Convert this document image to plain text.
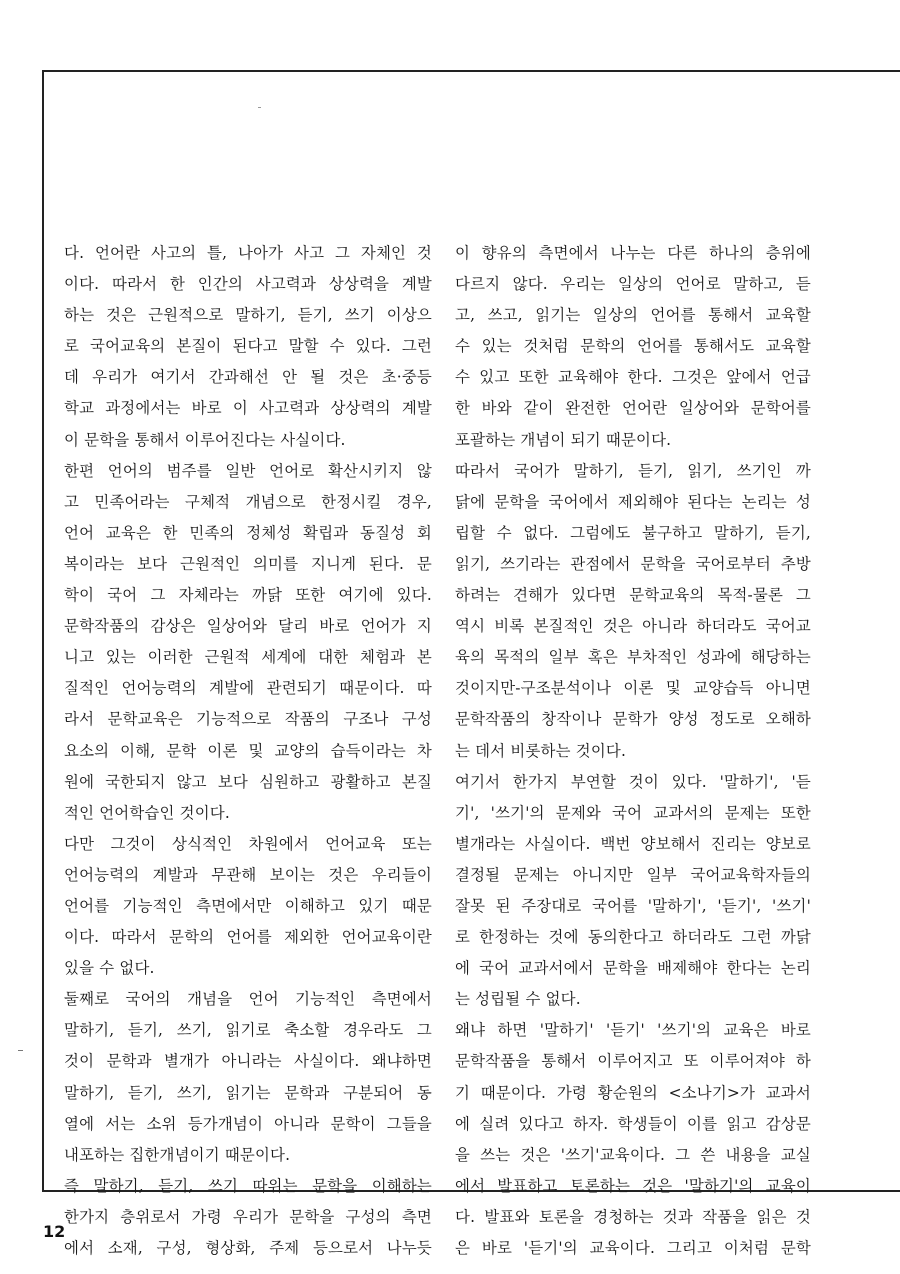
다. 언어란 사고의 틀, 나아가 사고 그 자체인 것
이다. 따라서 한 인간의 사고력과 상상력을 계발
하는 것은 근원적으로 말하기, 듣기, 쓰기 이상으
로 국어교육의 본질이 된다고 말할 수 있다. 그런
데 우리가 여기서 간과해선 안 될 것은 초·중등
학교 과정에서는 바로 이 사고력과 상상력의 계발
이 문학을 통해서 이루어진다는 사실이다.
한편 언어의 범주를 일반 언어로 확산시키지 않
고 민족어라는 구체적 개념으로 한정시킬 경우,
언어 교육은 한 민족의 정체성 확립과 동질성 회
복이라는 보다 근원적인 의미를 지니게 된다. 문
학이 국어 그 자체라는 까닭 또한 여기에 있다.
문학작품의 감상은 일상어와 달리 바로 언어가 지
니고 있는 이러한 근원적 세계에 대한 체험과 본
질적인 언어능력의 계발에 관련되기 때문이다. 따
라서 문학교육은 기능적으로 작품의 구조나 구성
요소의 이해, 문학 이론 및 교양의 습득이라는 차
원에 국한되지 않고 보다 심원하고 광활하고 본질
적인 언어학습인 것이다.
다만 그것이 상식적인 차원에서 언어교육 또는
언어능력의 계발과 무관해 보이는 것은 우리들이
언어를 기능적인 측면에서만 이해하고 있기 때문
이다. 따라서 문학의 언어를 제외한 언어교육이란
있을 수 없다.
둘째로 국어의 개념을 언어 기능적인 측면에서
말하기, 듣기, 쓰기, 읽기로 축소할 경우라도 그
것이 문학과 별개가 아니라는 사실이다. 왜냐하면
말하기, 듣기, 쓰기, 읽기는 문학과 구분되어 동
열에 서는 소위 등가개념이 아니라 문학이 그들을
내포하는 집한개념이기 때문이다.
즉 말하기, 듣기, 쓰기 따위는 문학을 이해하는
한가지 층위로서 가령 우리가 문학을 구성의 측면
에서 소재, 구성, 형상화, 주제 등으로서 나누듯
이 향유의 측면에서 나누는 다른 하나의 층위에
다르지 않다. 우리는 일상의 언어로 말하고, 듣
고, 쓰고, 읽기는 일상의 언어를 통해서 교육할
수 있는 것처럼 문학의 언어를 통해서도 교육할
수 있고 또한 교육해야 한다. 그것은 앞에서 언급
한 바와 같이 완전한 언어란 일상어와 문학어를
포괄하는 개념이 되기 때문이다.
따라서 국어가 말하기, 듣기, 읽기, 쓰기인 까
닭에 문학을 국어에서 제외해야 된다는 논리는 성
립할 수 없다. 그럼에도 불구하고 말하기, 듣기,
읽기, 쓰기라는 관점에서 문학을 국어로부터 추방
하려는 견해가 있다면 문학교육의 목적-물론 그
역시 비록 본질적인 것은 아니라 하더라도 국어교
육의 목적의 일부 혹은 부차적인 성과에 해당하는
것이지만-구조분석이나 이론 및 교양습득 아니면
문학작품의 창작이나 문학가 양성 정도로 오해하
는 데서 비롯하는 것이다.
여기서 한가지 부연할 것이 있다. '말하기', '듣
기', '쓰기'의 문제와 국어 교과서의 문제는 또한
별개라는 사실이다. 백번 양보해서 진리는 양보로
결정될 문제는 아니지만 일부 국어교육학자들의
잘못 된 주장대로 국어를 '말하기', '듣기', '쓰기'
로 한정하는 것에 동의한다고 하더라도 그런 까닭
에 국어 교과서에서 문학을 배제해야 한다는 논리
는 성립될 수 없다.
왜냐 하면 '말하기' '듣기' '쓰기'의 교육은 바로
문학작품을 통해서 이루어지고 또 이루어져야 하
기 때문이다. 가령 황순원의 <소나기>가 교과서
에 실려 있다고 하자. 학생들이 이를 읽고 감상문
을 쓰는 것은 '쓰기'교육이다. 그 쓴 내용을 교실
에서 발표하고 토론하는 것은 '말하기'의 교육이
다. 발표와 토론을 경청하는 것과 작품을 읽은 것
은 바로 '듣기'의 교육이다. 그리고 이처럼 문학
12
